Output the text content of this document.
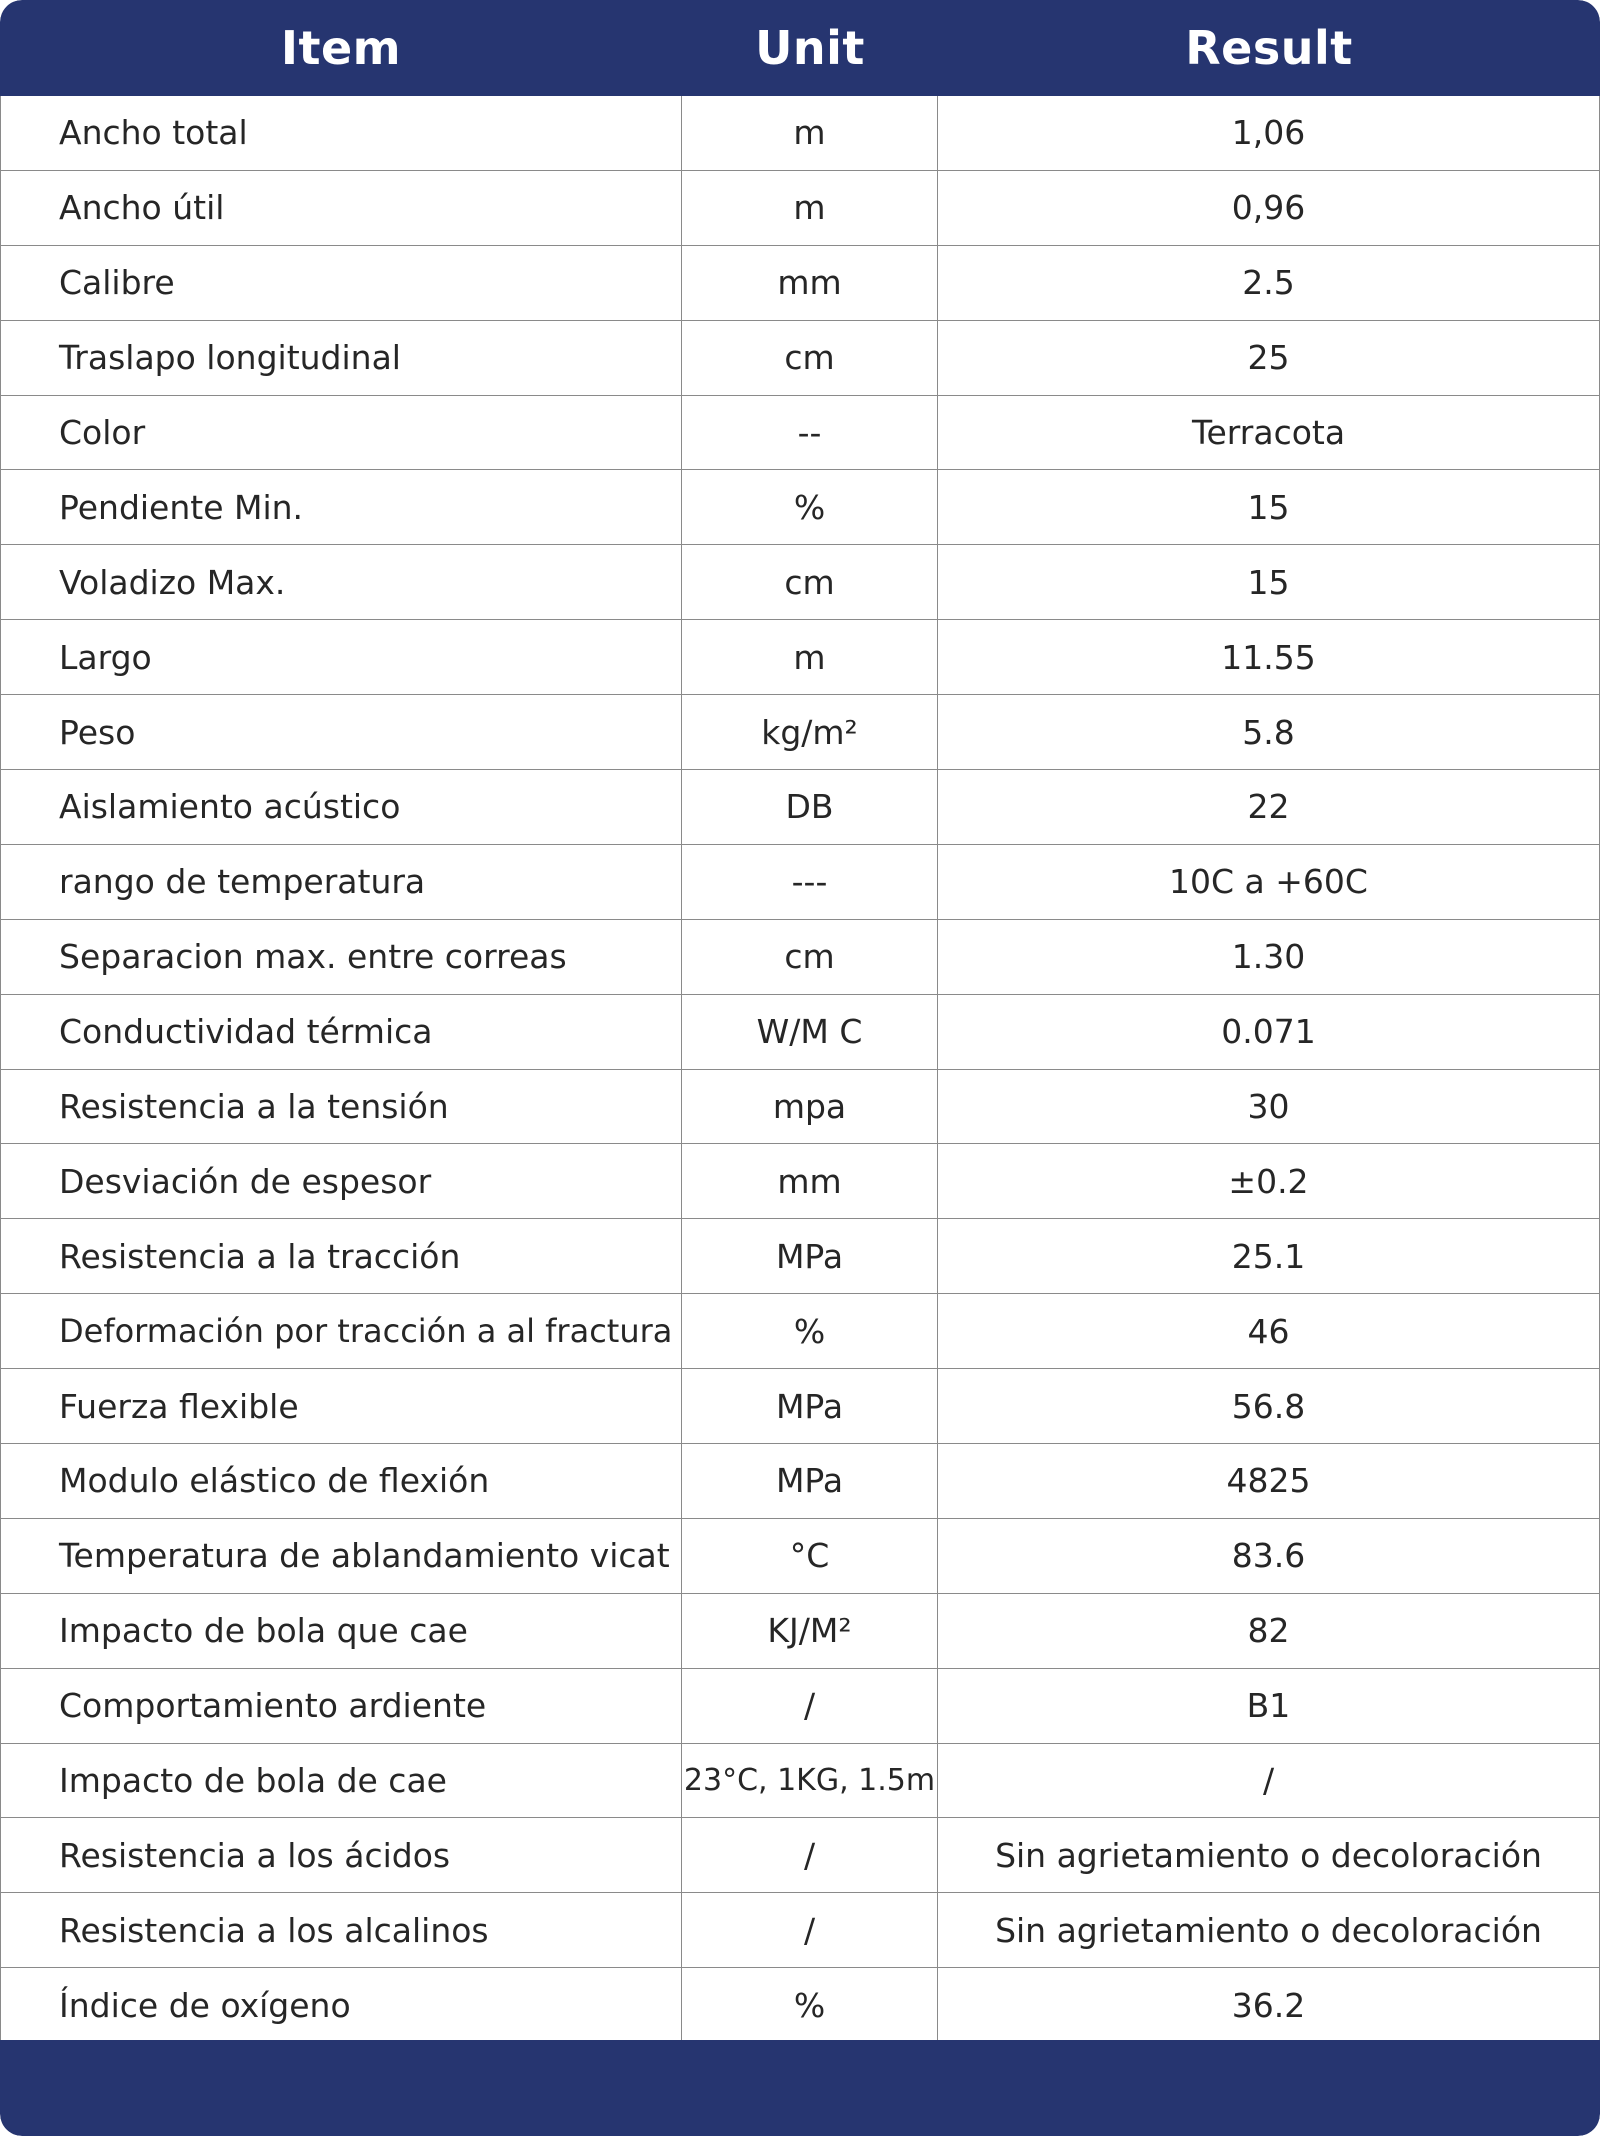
Item	Unit	Result
Ancho total	m	1,06
Ancho útil	m	0,96
Calibre	mm	2.5
Traslapo longitudinal	cm	25
Color	--	Terracota
Pendiente Min.	%	15
Voladizo Max.	cm	15
Largo	m	11.55
Peso	kg/m²	5.8
Aislamiento acústico	DB	22
rango de temperatura	---	10C a +60C
Separacion max. entre correas	cm	1.30
Conductividad térmica	W/M C	0.071
Resistencia a la tensión	mpa	30
Desviación de espesor	mm	±0.2
Resistencia a la tracción	MPa	25.1
Deformación por tracción a al fractura	%	46
Fuerza flexible	MPa	56.8
Modulo elástico de flexión	MPa	4825
Temperatura de ablandamiento vicat	°C	83.6
Impacto de bola que cae	KJ/M²	82
Comportamiento ardiente	/	B1
Impacto de bola de cae	23°C, 1KG, 1.5m	/
Resistencia a los ácidos	/	Sin agrietamiento o decoloración
Resistencia a los alcalinos	/	Sin agrietamiento o decoloración
Índice de oxígeno	%	36.2
